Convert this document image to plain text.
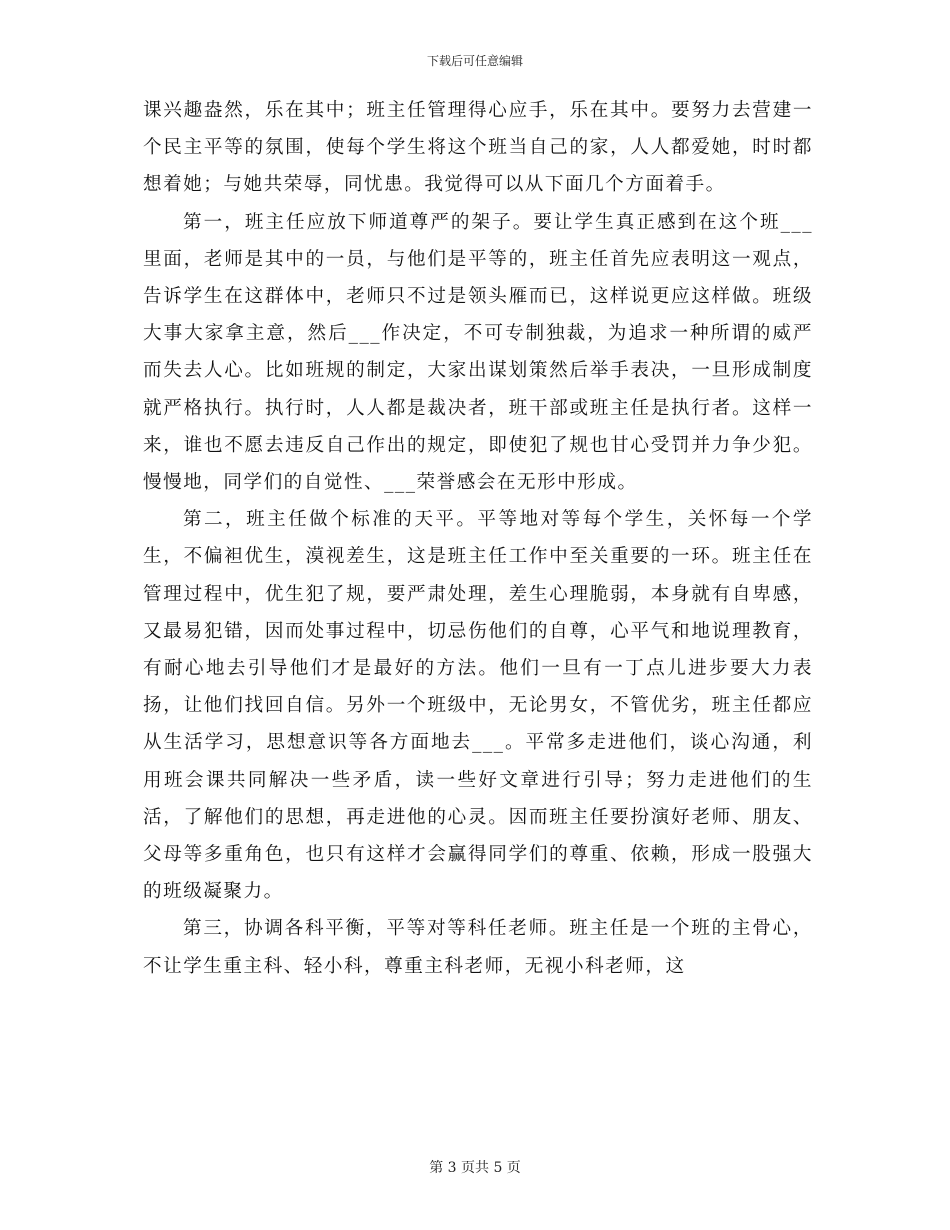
下载后可任意编辑

课兴趣盎然，乐在其中；班主任管理得心应手，乐在其中。要努力去营建一个民主平等的氛围，使每个学生将这个班当自己的家，人人都爱她，时时都想着她；与她共荣辱，同忧患。我觉得可以从下面几个方面着手。

第一，班主任应放下师道尊严的架子。要让学生真正感到在这个班___里面，老师是其中的一员，与他们是平等的，班主任首先应表明这一观点，告诉学生在这群体中，老师只不过是领头雁而已，这样说更应这样做。班级大事大家拿主意，然后___作决定，不可专制独裁，为追求一种所谓的威严而失去人心。比如班规的制定，大家出谋划策然后举手表决，一旦形成制度就严格执行。执行时，人人都是裁决者，班干部或班主任是执行者。这样一来，谁也不愿去违反自己作出的规定，即使犯了规也甘心受罚并力争少犯。慢慢地，同学们的自觉性、___荣誉感会在无形中形成。

第二，班主任做个标准的天平。平等地对等每个学生，关怀每一个学生，不偏袒优生，漠视差生，这是班主任工作中至关重要的一环。班主任在管理过程中，优生犯了规，要严肃处理，差生心理脆弱，本身就有自卑感，又最易犯错，因而处事过程中，切忌伤他们的自尊，心平气和地说理教育，有耐心地去引导他们才是最好的方法。他们一旦有一丁点儿进步要大力表扬，让他们找回自信。另外一个班级中，无论男女，不管优劣，班主任都应从生活学习，思想意识等各方面地去___。平常多走进他们，谈心沟通，利用班会课共同解决一些矛盾，读一些好文章进行引导；努力走进他们的生活，了解他们的思想，再走进他的心灵。因而班主任要扮演好老师、朋友、父母等多重角色，也只有这样才会赢得同学们的尊重、依赖，形成一股强大的班级凝聚力。

第三，协调各科平衡，平等对等科任老师。班主任是一个班的主骨心，不让学生重主科、轻小科，尊重主科老师，无视小科老师，这

第 3 页共 5 页
